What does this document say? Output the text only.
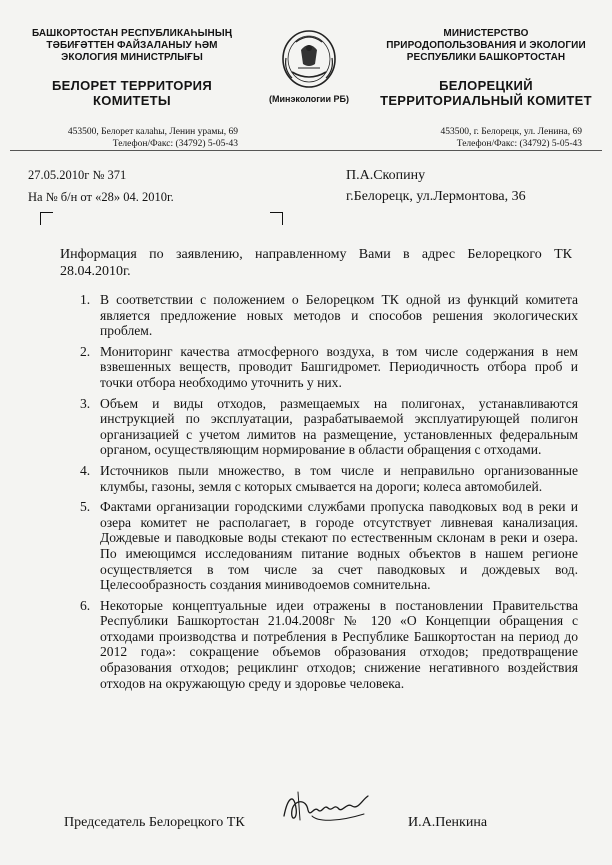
БАШКОРТОСТАН РЕСПУБЛИКАҺЫНЫҢ
ТӘБИҒӘТТЕН ФАЙЗАЛАНЫУ ҺӘМ
ЭКОЛОГИЯ МИНИСТРЛЫҒЫ
БЕЛОРЕТ ТЕРРИТОРИЯ
КОМИТЕТЫ
453500, Белорет калаhы, Ленин урамы, 69
Телефон/Факс: (34792) 5-05-43
(Минэкологии РБ)
МИНИСТЕРСТВО
ПРИРОДОПОЛЬЗОВАНИЯ И ЭКОЛОГИИ
РЕСПУБЛИКИ БАШКОРТОСТАН
БЕЛОРЕЦКИЙ
ТЕРРИТОРИАЛЬНЫЙ КОМИТЕТ
453500, г. Белорецк, ул. Ленина, 69
Телефон/Факс: (34792) 5-05-43
27.05.2010г № 371
На № б/н от «28» 04. 2010г.
П.А.Скопину
г.Белорецк, ул.Лермонтова, 36
Информация по заявлению, направленному Вами в адрес Белорецкого ТК 28.04.2010г.
1. В соответствии с положением о Белорецком ТК одной из функций комитета является предложение новых методов и способов решения экологических проблем.
2. Мониторинг качества атмосферного воздуха, в том числе содержания в нем взвешенных веществ, проводит Башгидромет. Периодичность отбора проб и точки отбора необходимо уточнить у них.
3. Объем и виды отходов, размещаемых на полигонах, устанавливаются инструкцией по эксплуатации, разрабатываемой эксплуатирующей полигон организацией с учетом лимитов на размещение, установленных федеральным органом, осуществляющим нормирование в области обращения с отходами.
4. Источников пыли множество, в том числе и неправильно организованные клумбы, газоны, земля с которых смывается на дороги; колеса автомобилей.
5. Фактами организации городскими службами пропуска паводковых вод в реки и озера комитет не располагает, в городе отсутствует ливневая канализация. Дождевые и паводковые воды стекают по естественным склонам в реки и озера. По имеющимся исследованиям питание водных объектов в нашем регионе осуществляется в том числе за счет паводковых и дождевых вод. Целесообразность создания миниводоемов сомнительна.
6. Некоторые концептуальные идеи отражены в постановлении Правительства Республики Башкортостан 21.04.2008г № 120 «О Концепции обращения с отходами производства и потребления в Республике Башкортостан на период до 2012 года»: сокращение объемов образования отходов; предотвращение образования отходов; рециклинг отходов; снижение негативного воздействия отходов на окружающую среду и здоровье человека.
Председатель Белорецкого ТК	И.А.Пенкина
